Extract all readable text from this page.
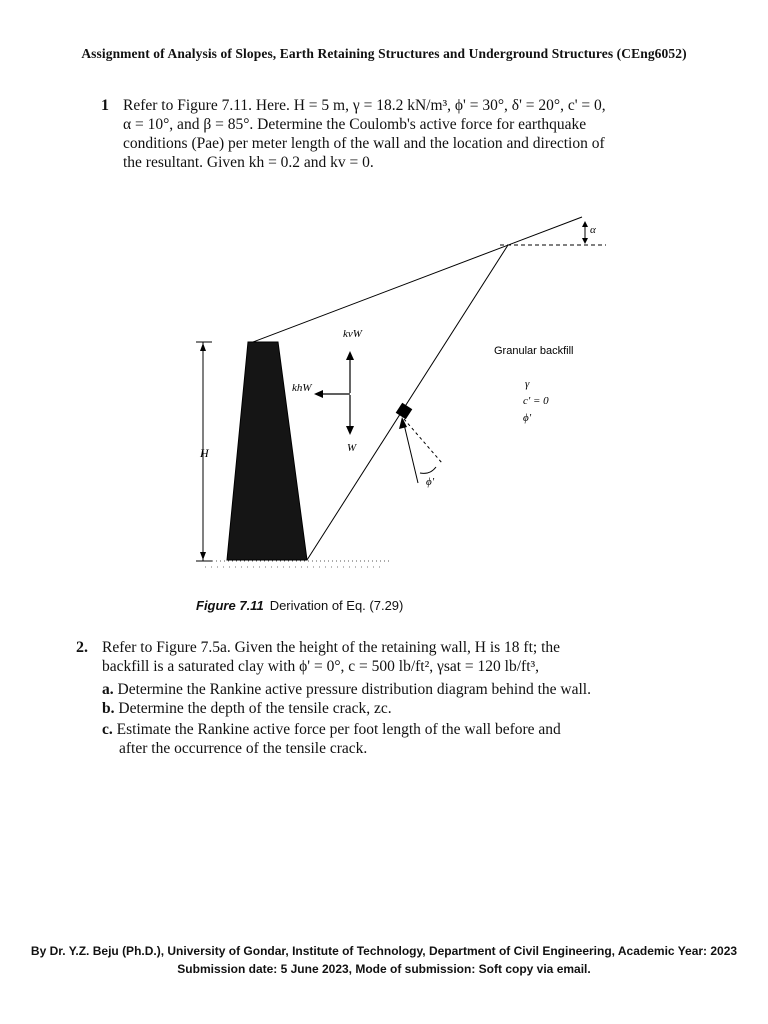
Assignment of Analysis of Slopes, Earth Retaining Structures and Underground Structures (CEng6052)
1 Refer to Figure 7.11. Here. H = 5 m, γ = 18.2 kN/m³, ϕ' = 30°, δ' = 20°, c' = 0,
α = 10°, and β = 85°. Determine the Coulomb's active force for earthquake
conditions (Pae) per meter length of the wall and the location and direction of
the resultant. Given kh = 0.2 and kv = 0.
α
H
kvW
khW
W
ϕ'
Granular backfill
γ
c' = 0
ϕ'
Figure 7.11 Derivation of Eq. (7.29)
2. Refer to Figure 7.5a. Given the height of the retaining wall, H is 18 ft; the
backfill is a saturated clay with ϕ' = 0°, c = 500 lb/ft², γsat = 120 lb/ft³,
a. Determine the Rankine active pressure distribution diagram behind the wall.
b. Determine the depth of the tensile crack, zc.
c. Estimate the Rankine active force per foot length of the wall before and
after the occurrence of the tensile crack.
By Dr. Y.Z. Beju (Ph.D.), University of Gondar, Institute of Technology, Department of Civil Engineering, Academic Year: 2023
Submission date: 5 June 2023, Mode of submission: Soft copy via email.
